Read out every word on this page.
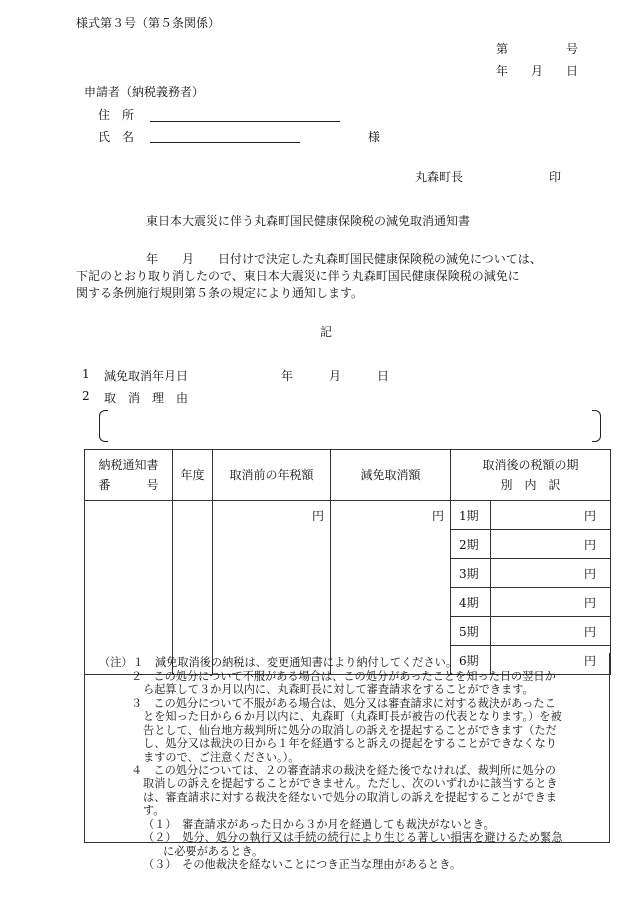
様式第３号（第５条関係）
第	号
年 月 日
申請者（納税義務者）
住　所
氏　名	様
丸森町長	印
東日本大震災に伴う丸森町国民健康保険税の減免取消通知書
年　　月　　日付けで決定した丸森町国民健康保険税の減免については、
下記のとおり取り消したので、東日本大震災に伴う丸森町国民健康保険税の減免に
関する条例施行規則第５条の規定により通知します。
記
1 減免取消年月日	年　　　月　　　日
2 取　消　理　由
納税通知書
番　　　号	年度	取消前の年税額	減免取消額	取消後の税額の期
別　内　訳	

		円	円	1期	円
				2期	円
				3期	円
				4期	円
				5期	円
				6期	円
（注）１　減免取消後の納税は、変更通知書により納付してください。
２　この処分について不服がある場合は、この処分があったことを知った日の翌日か
ら起算して３か月以内に、丸森町長に対して審査請求をすることができます。
３　この処分について不服がある場合は、処分又は審査請求に対する裁決があったこ
とを知った日から６か月以内に、丸森町（丸森町長が被告の代表となります。）を被
告として、仙台地方裁判所に処分の取消しの訴えを提起することができます（ただ
し、処分又は裁決の日から１年を経過すると訴えの提起をすることができなくなり
ますので、ご注意ください。）。
４　この処分については、２の審査請求の裁決を経た後でなければ、裁判所に処分の
取消しの訴えを提起することができません。ただし、次のいずれかに該当するとき
は、審査請求に対する裁決を経ないで処分の取消しの訴えを提起することができま
す。
（１）　審査請求があった日から３か月を経過しても裁決がないとき。
（２）　処分、処分の執行又は手続の続行により生じる著しい損害を避けるため緊急
に必要があるとき。
（３）　その他裁決を経ないことにつき正当な理由があるとき。
